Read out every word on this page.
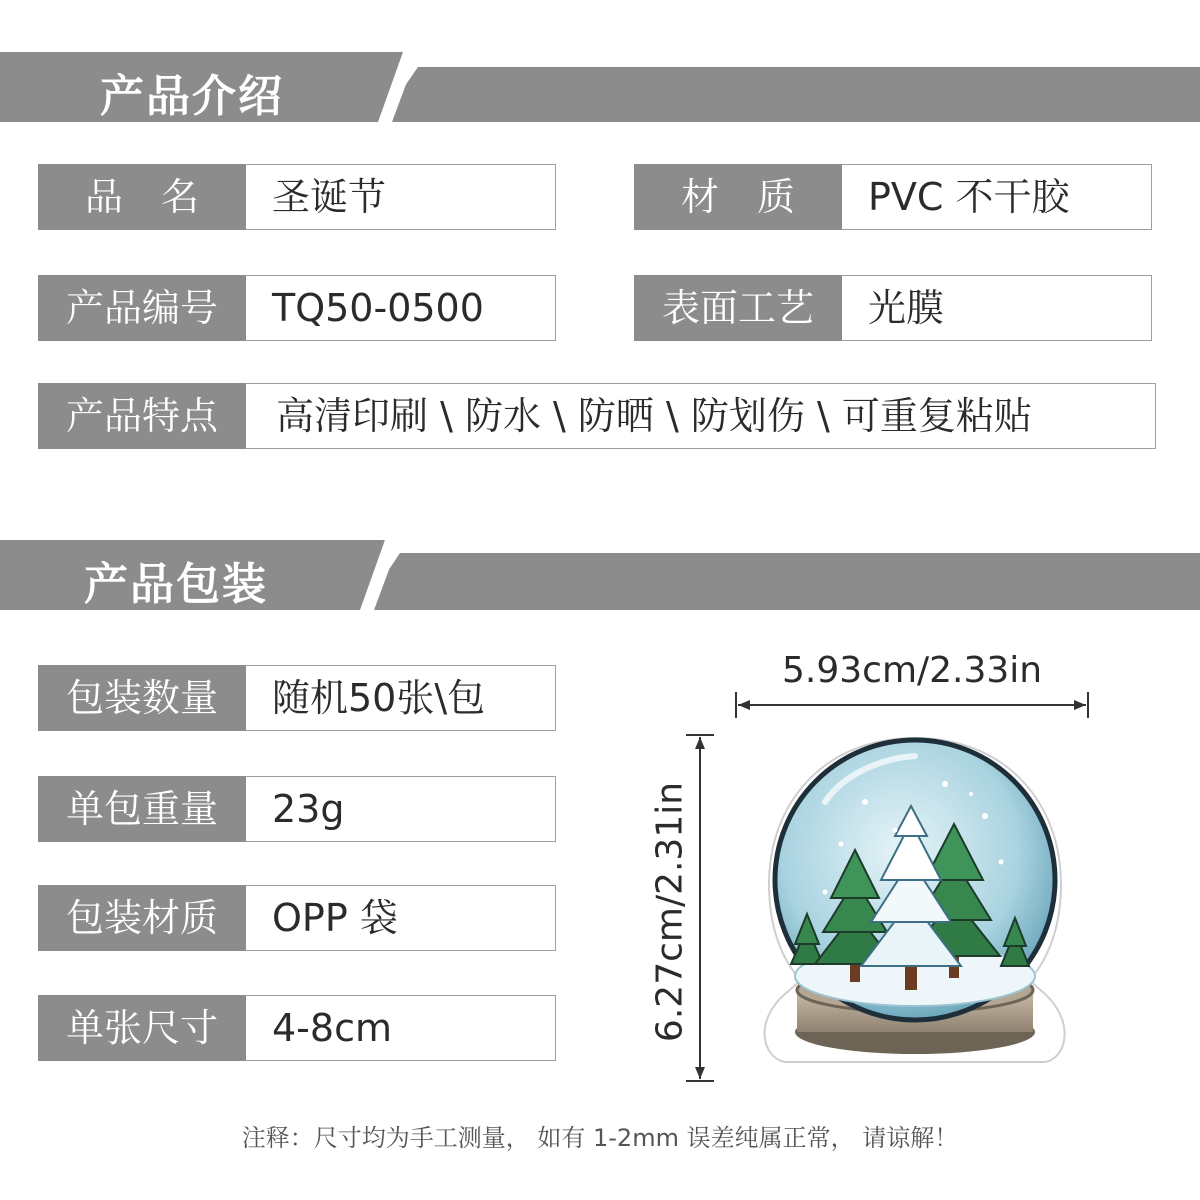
产品介绍
品　名	圣诞节	材　质	PVC 不干胶
产品编号	TQ50-0500	表面工艺	光膜
产品特点	高清印刷 \ 防水 \ 防晒 \ 防划伤 \ 可重复粘贴
产品包装
包装数量	随机50张\包
单包重量	23g
包装材质	OPP 袋
单张尺寸	4-8cm
5.93cm/2.33in
6.27cm/2.31in
注释：尺寸均为手工测量， 如有 1-2mm 误差纯属正常， 请谅解！
